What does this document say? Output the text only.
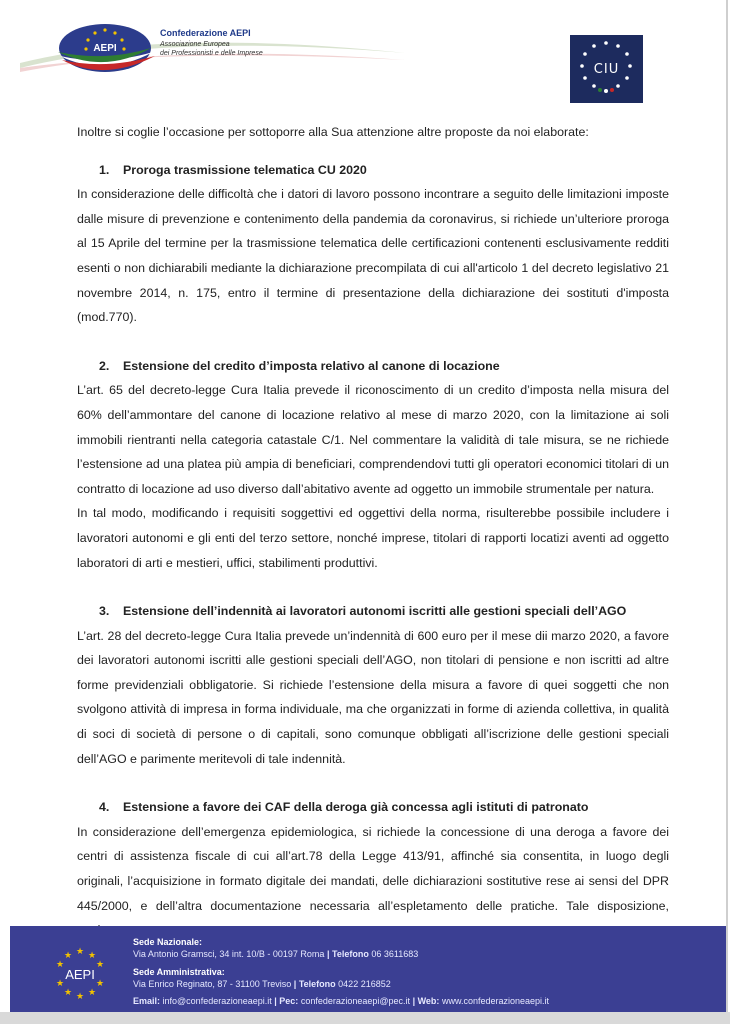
AEPI
Confederazione AEPI
Associazione Europea
dei Professionisti e delle Imprese
CIU

Inoltre si coglie l’occasione per sottoporre alla Sua attenzione altre proposte da noi elaborate:

1. Proroga trasmissione telematica CU 2020

In considerazione delle difficoltà che i datori di lavoro possono incontrare a seguito delle limitazioni imposte dalle misure di prevenzione e contenimento della pandemia da coronavirus, si richiede un’ulteriore proroga al 15 Aprile del termine per la trasmissione telematica delle certificazioni contenenti esclusivamente redditi esenti o non dichiarabili mediante la dichiarazione precompilata di cui all'articolo 1 del decreto legislativo 21 novembre 2014, n. 175, entro il termine di presentazione della dichiarazione dei sostituti d'imposta (mod.770).

2. Estensione del credito d’imposta relativo al canone di locazione

L’art. 65 del decreto-legge Cura Italia prevede il riconoscimento di un credito d’imposta nella misura del 60% dell’ammontare del canone di locazione relativo al mese di marzo 2020, con la limitazione ai soli immobili rientranti nella categoria catastale C/1. Nel commentare la validità di tale misura, se ne richiede l’estensione ad una platea più ampia di beneficiari, comprendendovi tutti gli operatori economici titolari di un contratto di locazione ad uso diverso dall’abitativo avente ad oggetto un immobile strumentale per natura.

In tal modo, modificando i requisiti soggettivi ed oggettivi della norma, risulterebbe possibile includere i lavoratori autonomi e gli enti del terzo settore, nonché imprese, titolari di rapporti locatizi aventi ad oggetto laboratori di arti e mestieri, uffici, stabilimenti produttivi.

3. Estensione dell’indennità ai lavoratori autonomi iscritti alle gestioni speciali dell’AGO

L’art. 28 del decreto-legge Cura Italia prevede un’indennità di 600 euro per il mese dii marzo 2020, a favore dei lavoratori autonomi iscritti alle gestioni speciali dell’AGO, non titolari di pensione e non iscritti ad altre forme previdenziali obbligatorie. Si richiede l’estensione della misura a favore di quei soggetti che non svolgono attività di impresa in forma individuale, ma che organizzati in forme di azienda collettiva, in qualità di soci di società di persone o di capitali, sono comunque obbligati all’iscrizione delle gestioni speciali dell’AGO e parimente meritevoli di tale indennità.

4. Estensione a favore dei CAF della deroga già concessa agli istituti di patronato

In considerazione dell’emergenza epidemiologica, si richiede la concessione di una deroga a favore dei centri di assistenza fiscale di cui all’art.78 della Legge 413/91, affinché sia consentita, in luogo degli originali, l’acquisizione in formato digitale dei mandati, delle dichiarazioni sostitutive rese ai sensi del DPR 445/2000, e dell’altra documentazione necessaria all’espletamento delle pratiche. Tale disposizione,

★ ★
★
★
★
★
★
★
★
★
AEPI
Sede Nazionale:
Via Antonio Gramsci, 34 int. 10/B - 00197 Roma | Telefono 06 3611683
Sede Amministrativa:
Via Enrico Reginato, 87 - 31100 Treviso | Telefono 0422 216852
Email: info@confederazioneaepi.it | Pec: confederazioneaepi@pec.it | Web: www.confederazioneaepi.it
